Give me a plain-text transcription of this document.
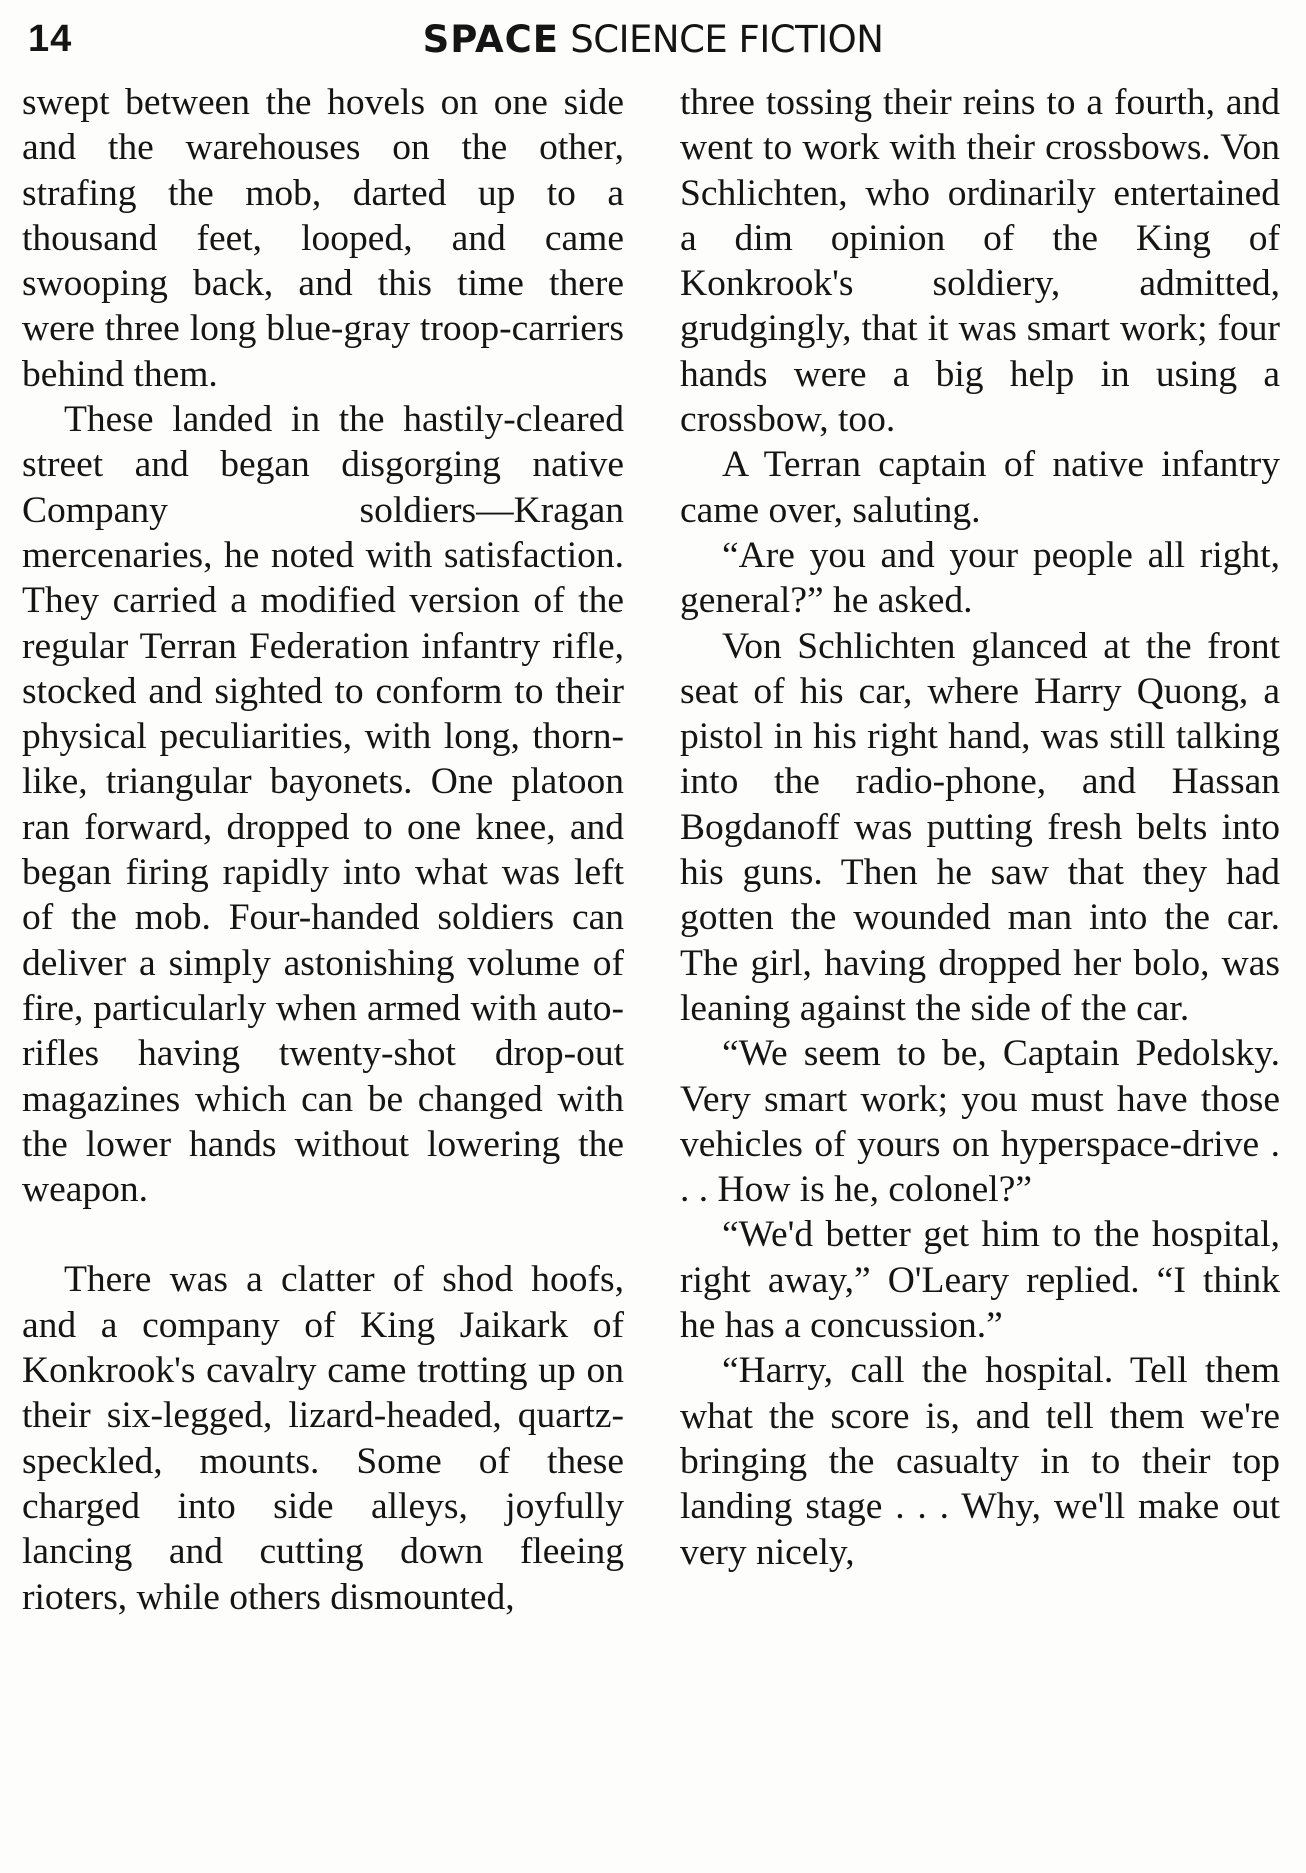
14	SPACE SCIENCE FICTION

swept between the hovels on one side and the warehouses on the other, strafing the mob, darted up to a thousand feet, looped, and came swooping back, and this time there were three long blue-gray troop-carriers behind them.

These landed in the hastily-cleared street and began disgorging native Company soldiers—Kragan mercenaries, he noted with satisfaction. They carried a modified version of the regular Terran Federation infantry rifle, stocked and sighted to conform to their physical peculiarities, with long, thorn-like, triangular bayonets. One platoon ran forward, dropped to one knee, and began firing rapidly into what was left of the mob. Four-handed soldiers can deliver a simply astonishing volume of fire, particularly when armed with auto-rifles having twenty-shot drop-out magazines which can be changed with the lower hands without lowering the weapon.

There was a clatter of shod hoofs, and a company of King Jaikark of Konkrook's cavalry came trotting up on their six-legged, lizard-headed, quartz-speckled, mounts. Some of these charged into side alleys, joyfully lancing and cutting down fleeing rioters, while others dismounted,

three tossing their reins to a fourth, and went to work with their crossbows. Von Schlichten, who ordinarily entertained a dim opinion of the King of Konkrook's soldiery, admitted, grudgingly, that it was smart work; four hands were a big help in using a crossbow, too.

A Terran captain of native infantry came over, saluting.

“Are you and your people all right, general?” he asked.

Von Schlichten glanced at the front seat of his car, where Harry Quong, a pistol in his right hand, was still talking into the radio-phone, and Hassan Bogdanoff was putting fresh belts into his guns. Then he saw that they had gotten the wounded man into the car. The girl, having dropped her bolo, was leaning against the side of the car.

“We seem to be, Captain Pedolsky. Very smart work; you must have those vehicles of yours on hyperspace-drive . . . How is he, colonel?”

“We'd better get him to the hospital, right away,” O'Leary replied. “I think he has a concussion.”

“Harry, call the hospital. Tell them what the score is, and tell them we're bringing the casualty in to their top landing stage . . . Why, we'll make out very nicely,
